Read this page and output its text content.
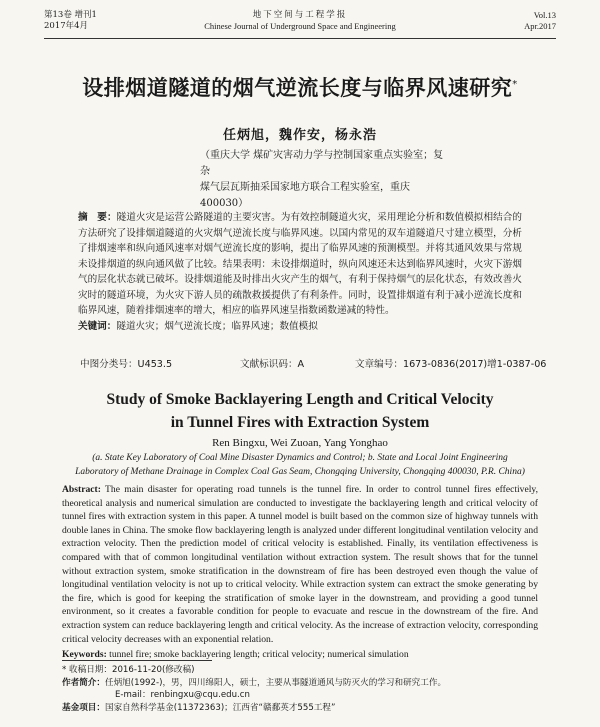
第13卷 增刊1
2017年4月
地下空间与工程学报
Chinese Journal of Underground Space and Engineering
Vol.13
Apr.2017
设排烟道隧道的烟气逆流长度与临界风速研究*
任炳旭，魏作安，杨永浩
（重庆大学 煤矿灾害动力学与控制国家重点实验室；复杂
煤气层瓦斯抽采国家地方联合工程实验室，重庆 400030）
摘　要：隧道火灾是运营公路隧道的主要灾害。为有效控制隧道火灾，采用理论分析和数值模拟相结合的方法研究了设排烟道隧道的火灾烟气逆流长度与临界风速。以国内常见的双车道隧道尺寸建立模型，分析了排烟速率和纵向通风速率对烟气逆流长度的影响，提出了临界风速的预测模型。并将其通风效果与常规未设排烟道的纵向通风做了比较。结果表明：未设排烟道时，纵向风速还未达到临界风速时，火灾下游烟气的层化状态就已破坏。设排烟道能及时排出火灾产生的烟气，有利于保持烟气的层化状态，有效改善火灾时的隧道环境，为火灾下游人员的疏散救援提供了有利条件。同时，设置排烟道有利于减小逆流长度和临界风速，随着排烟速率的增大，相应的临界风速呈指数函数递减的特性。
关键词：隧道火灾；烟气逆流长度；临界风速；数值模拟
中图分类号：U453.5	文献标识码：A	文章编号：1673-0836(2017)增1-0387-06
Study of Smoke Backlayering Length and Critical Velocity
in Tunnel Fires with Extraction System
Ren Bingxu, Wei Zuoan, Yang Yonghao
(a. State Key Laboratory of Coal Mine Disaster Dynamics and Control; b. State and Local Joint Engineering
Laboratory of Methane Drainage in Complex Coal Gas Seam, Chongqing University, Chongqing 400030, P.R. China)
Abstract: The main disaster for operating road tunnels is the tunnel fire. In order to control tunnel fires effectively, theoretical analysis and numerical simulation are conducted to investigate the backlayering length and critical velocity of tunnel fires with extraction system in this paper. A tunnel model is built based on the common size of highway tunnels with double lanes in China. The smoke flow backlayering length is analyzed under different longitudinal ventilation velocity and extraction velocity. Then the prediction model of critical velocity is established. Finally, its ventilation effectiveness is compared with that of common longitudinal ventilation without extraction system. The result shows that for the tunnel without extraction system, smoke stratification in the downstream of fire has been destroyed even though the value of longitudinal ventilation velocity is not up to critical velocity. While extraction system can extract the smoke generating by the fire, which is good for keeping the stratification of smoke layer in the downstream, and providing a good tunnel environment, so it creates a favorable condition for people to evacuate and rescue in the downstream of the fire. And extraction system can reduce backlayering length and critical velocity. As the increase of extraction velocity, corresponding critical velocity decreases with an exponential relation.
Keywords: tunnel fire; smoke backlayering length; critical velocity; numerical simulation
* 收稿日期：2016-11-20(修改稿)
作者简介：任炳旭(1992-)，男，四川绵阳人，硕士，主要从事隧道通风与防灭火的学习和研究工作。
E-mail：renbingxu@cqu.edu.cn
基金项目：国家自然科学基金(11372363)；江西省“赣鄱英才555工程”
